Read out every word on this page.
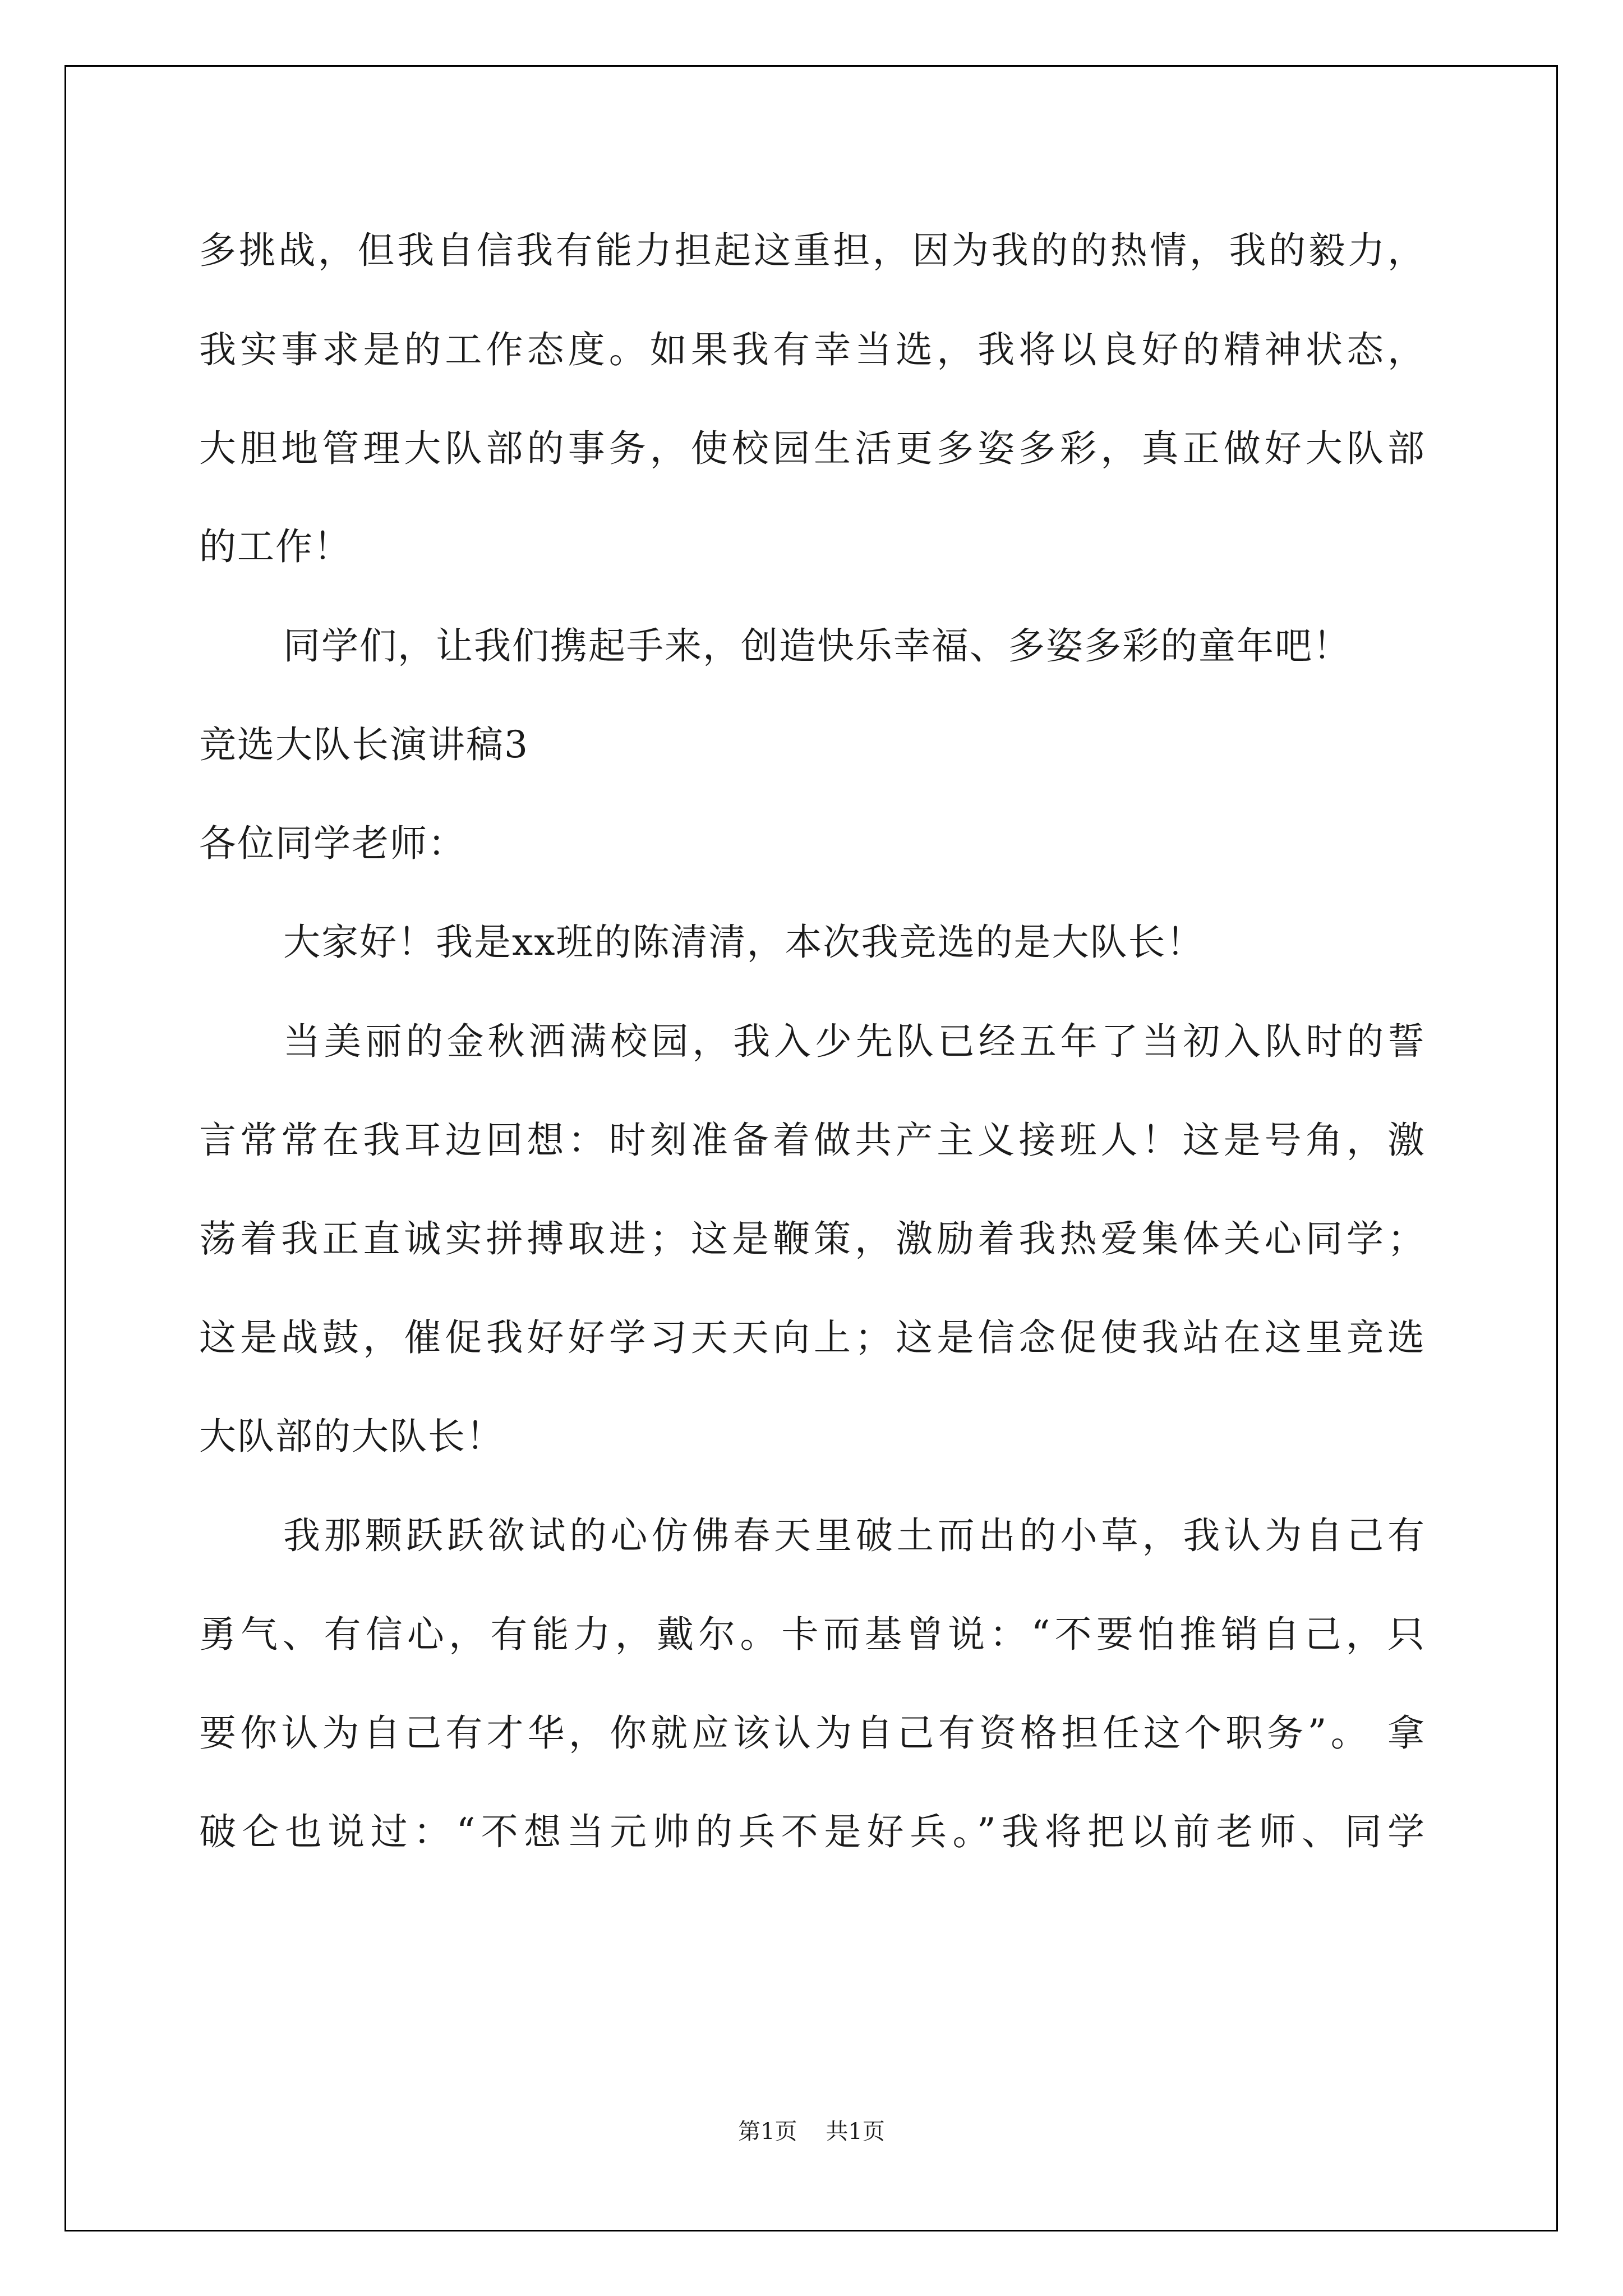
多挑战，但我自信我有能力担起这重担，因为我的的热情，我的毅力，

我实事求是的工作态度。如果我有幸当选，我将以良好的精神状态，

大胆地管理大队部的事务，使校园生活更多姿多彩，真正做好大队部

的工作！

同学们，让我们携起手来，创造快乐幸福、多姿多彩的童年吧！

竞选大队长演讲稿3

各位同学老师：

大家好！我是xx班的陈清清，本次我竞选的是大队长！

当美丽的金秋洒满校园，我入少先队已经五年了当初入队时的誓

言常常在我耳边回想：时刻准备着做共产主义接班人！这是号角，激

荡着我正直诚实拼搏取进；这是鞭策，激励着我热爱集体关心同学；

这是战鼓，催促我好好学习天天向上；这是信念促使我站在这里竞选

大队部的大队长！

我那颗跃跃欲试的心仿佛春天里破土而出的小草，我认为自己有

勇气、有信心，有能力，戴尔。卡而基曾说：“不要怕推销自己，只

要你认为自己有才华，你就应该认为自己有资格担任这个职务”。 拿

破仑也说过：“不想当元帅的兵不是好兵。”我将把以前老师、同学

第1页 共1页
